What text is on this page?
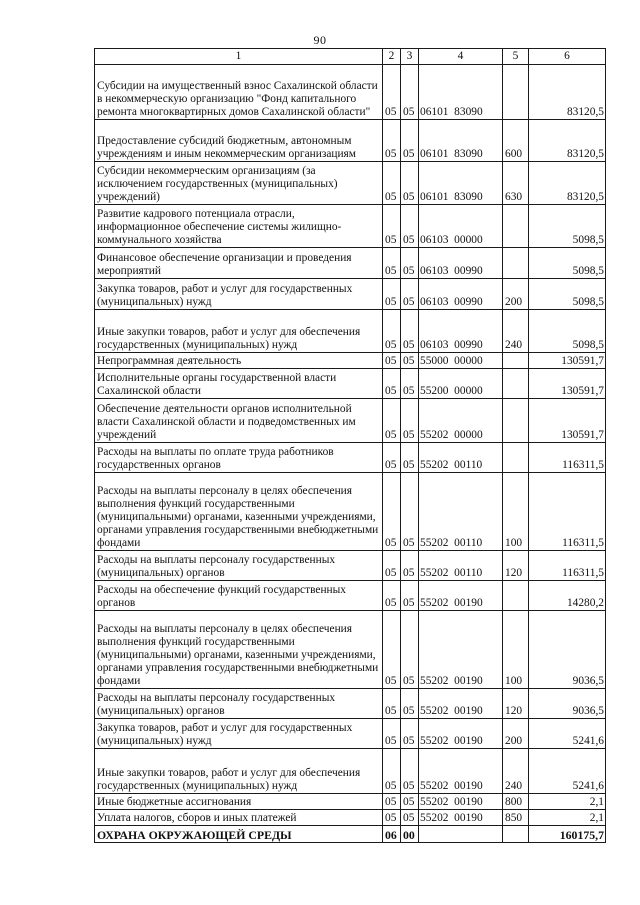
90
1	2	3	4	5	6
Субсидии на имущественный взнос Сахалинской области в некоммерческую организацию "Фонд капитального ремонта многоквартирных домов Сахалинской области"	05	05	06101  83090		83120,5
Предоставление субсидий бюджетным, автономным учреждениям и иным некоммерческим организациям	05	05	06101  83090	600	83120,5
Субсидии некоммерческим организациям (за исключением государственных (муниципальных) учреждений)	05	05	06101  83090	630	83120,5
Развитие кадрового потенциала отрасли, информационное обеспечение системы жилищно-коммунального хозяйства	05	05	06103  00000		5098,5
Финансовое обеспечение организации и проведения мероприятий	05	05	06103  00990		5098,5
Закупка товаров, работ и услуг для государственных (муниципальных) нужд	05	05	06103  00990	200	5098,5
Иные закупки товаров, работ и услуг для обеспечения государственных (муниципальных) нужд	05	05	06103  00990	240	5098,5
Непрограммная деятельность	05	05	55000  00000		130591,7
Исполнительные органы государственной власти Сахалинской области	05	05	55200  00000		130591,7
Обеспечение деятельности органов исполнительной власти Сахалинской области и подведомственных им учреждений	05	05	55202  00000		130591,7
Расходы на выплаты по оплате труда работников государственных органов	05	05	55202  00110		116311,5
Расходы на выплаты персоналу в целях обеспечения выполнения функций государственными (муниципальными) органами, казенными учреждениями, органами управления государственными внебюджетными фондами	05	05	55202  00110	100	116311,5
Расходы на выплаты персоналу государственных (муниципальных) органов	05	05	55202  00110	120	116311,5
Расходы на обеспечение функций государственных органов	05	05	55202  00190		14280,2
Расходы на выплаты персоналу в целях обеспечения выполнения функций государственными (муниципальными) органами, казенными учреждениями, органами управления государственными внебюджетными фондами	05	05	55202  00190	100	9036,5
Расходы на выплаты персоналу государственных (муниципальных) органов	05	05	55202  00190	120	9036,5
Закупка товаров, работ и услуг для государственных (муниципальных) нужд	05	05	55202  00190	200	5241,6
Иные закупки товаров, работ и услуг для обеспечения государственных (муниципальных) нужд	05	05	55202  00190	240	5241,6
Иные бюджетные ассигнования	05	05	55202  00190	800	2,1
Уплата налогов, сборов и иных платежей	05	05	55202  00190	850	2,1
ОХРАНА ОКРУЖАЮЩЕЙ СРЕДЫ	06	00			160175,7
